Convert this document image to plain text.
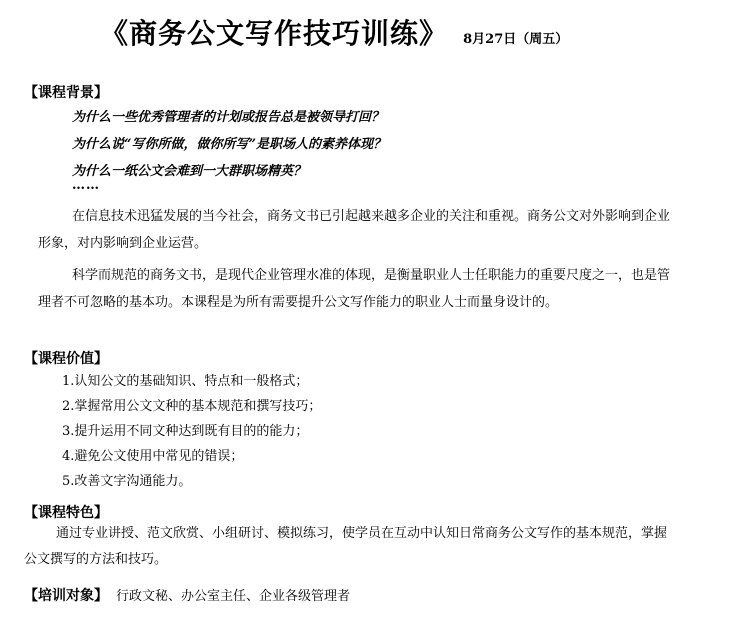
《商务公文写作技巧训练》 8月27日（周五）
【课程背景】
为什么一些优秀管理者的计划或报告总是被领导打回？
为什么说“写你所做，做你所写”是职场人的素养体现？
为什么一纸公文会难到一大群职场精英？
……

在信息技术迅猛发展的当今社会，商务文书已引起越来越多企业的关注和重视。商务公文对外影响到企业形象，对内影响到企业运营。

科学而规范的商务文书，是现代企业管理水准的体现，是衡量职业人士任职能力的重要尺度之一，也是管理者不可忽略的基本功。本课程是为所有需要提升公文写作能力的职业人士而量身设计的。

【课程价值】
1.认知公文的基础知识、特点和一般格式；
2.掌握常用公文文种的基本规范和撰写技巧；
3.提升运用不同文种达到既有目的的能力；
4.避免公文使用中常见的错误；
5.改善文字沟通能力。
【课程特色】

通过专业讲授、范文欣赏、小组研讨、模拟练习，使学员在互动中认知日常商务公文写作的基本规范，掌握公文撰写的方法和技巧。

【培训对象】 行政文秘、办公室主任、企业各级管理者
